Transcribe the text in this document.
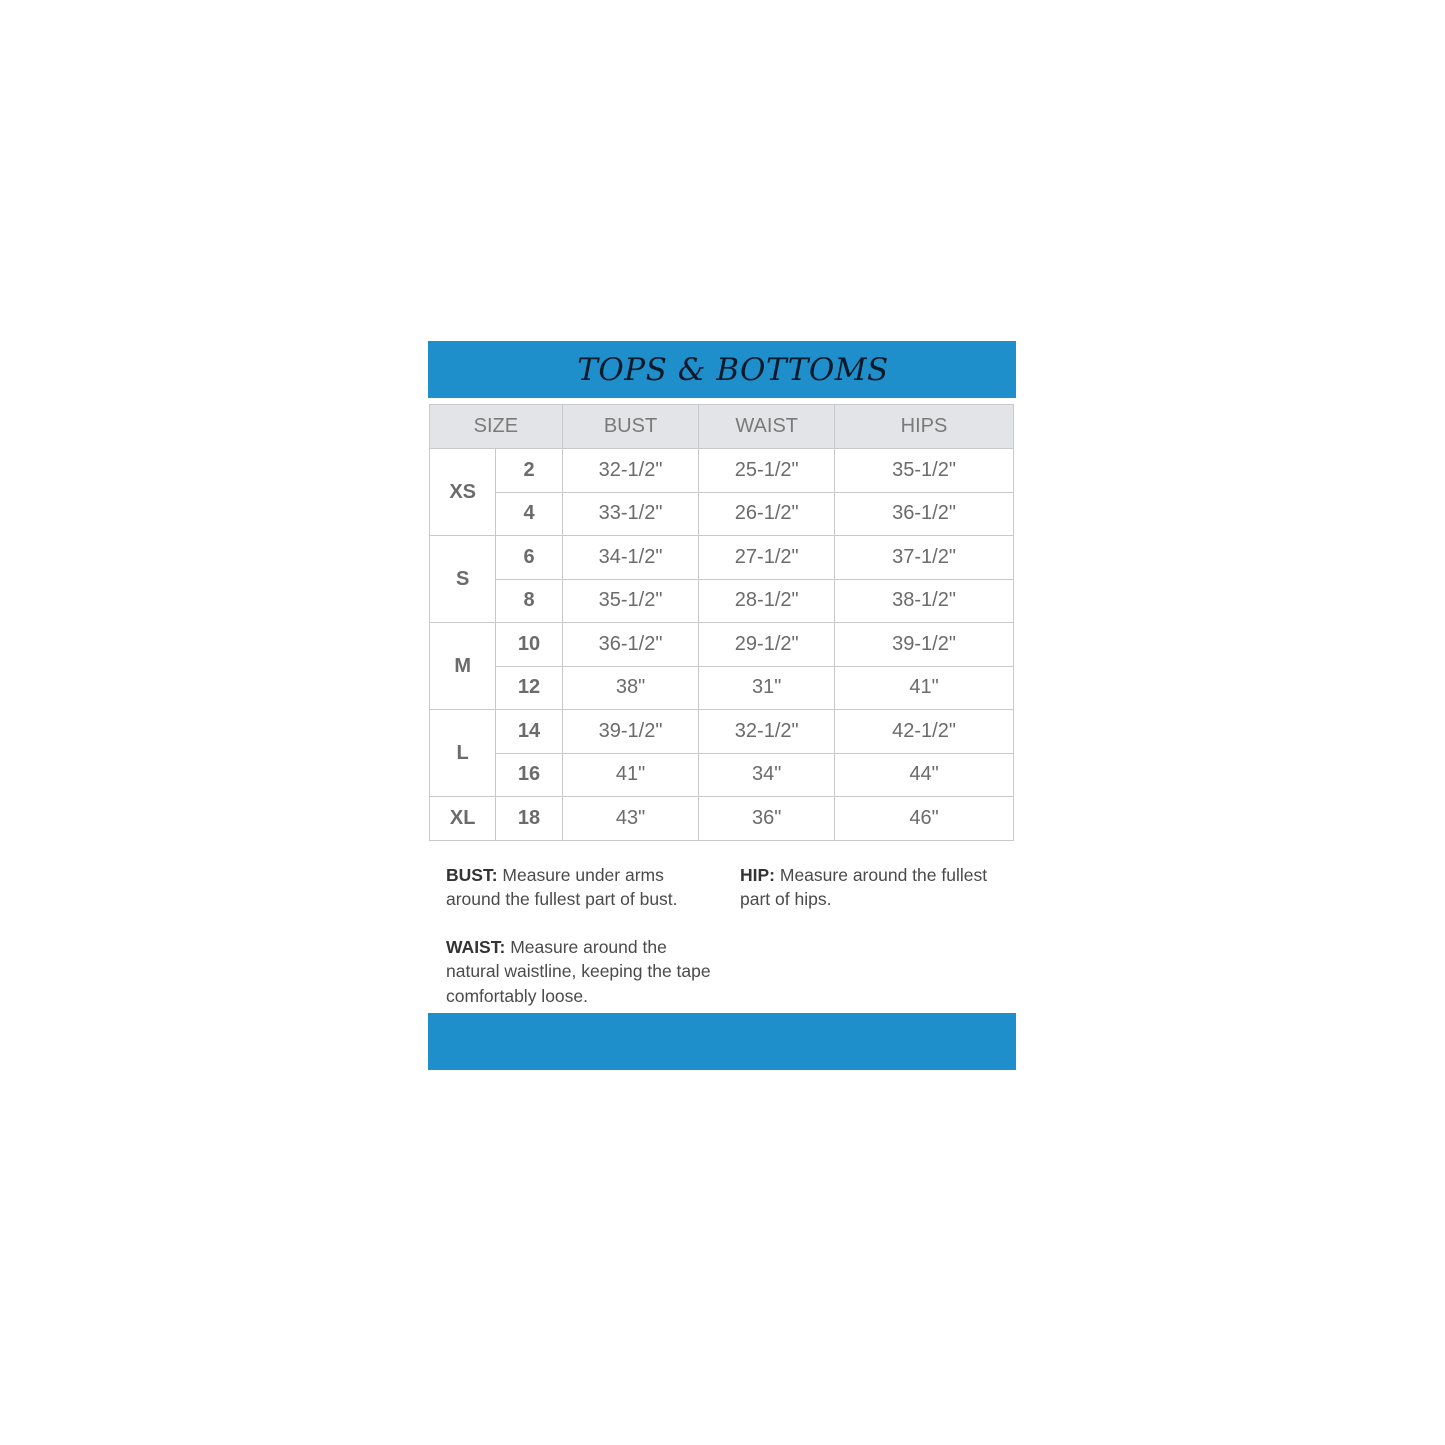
TOPS & BOTTOMS
SIZE		BUST	WAIST	HIPS
XS	2	32-1/2"	25-1/2"	35-1/2"
	4	33-1/2"	26-1/2"	36-1/2"
S	6	34-1/2"	27-1/2"	37-1/2"
	8	35-1/2"	28-1/2"	38-1/2"
M	10	36-1/2"	29-1/2"	39-1/2"
	12	38"	31"	41"
L	14	39-1/2"	32-1/2"	42-1/2"
	16	41"	34"	44"
XL	18	43"	36"	46"
BUST: Measure under arms around the fullest part of bust.
HIP: Measure around the fullest part of hips.
WAIST: Measure around the natural waistline, keeping the tape comfortably loose.
